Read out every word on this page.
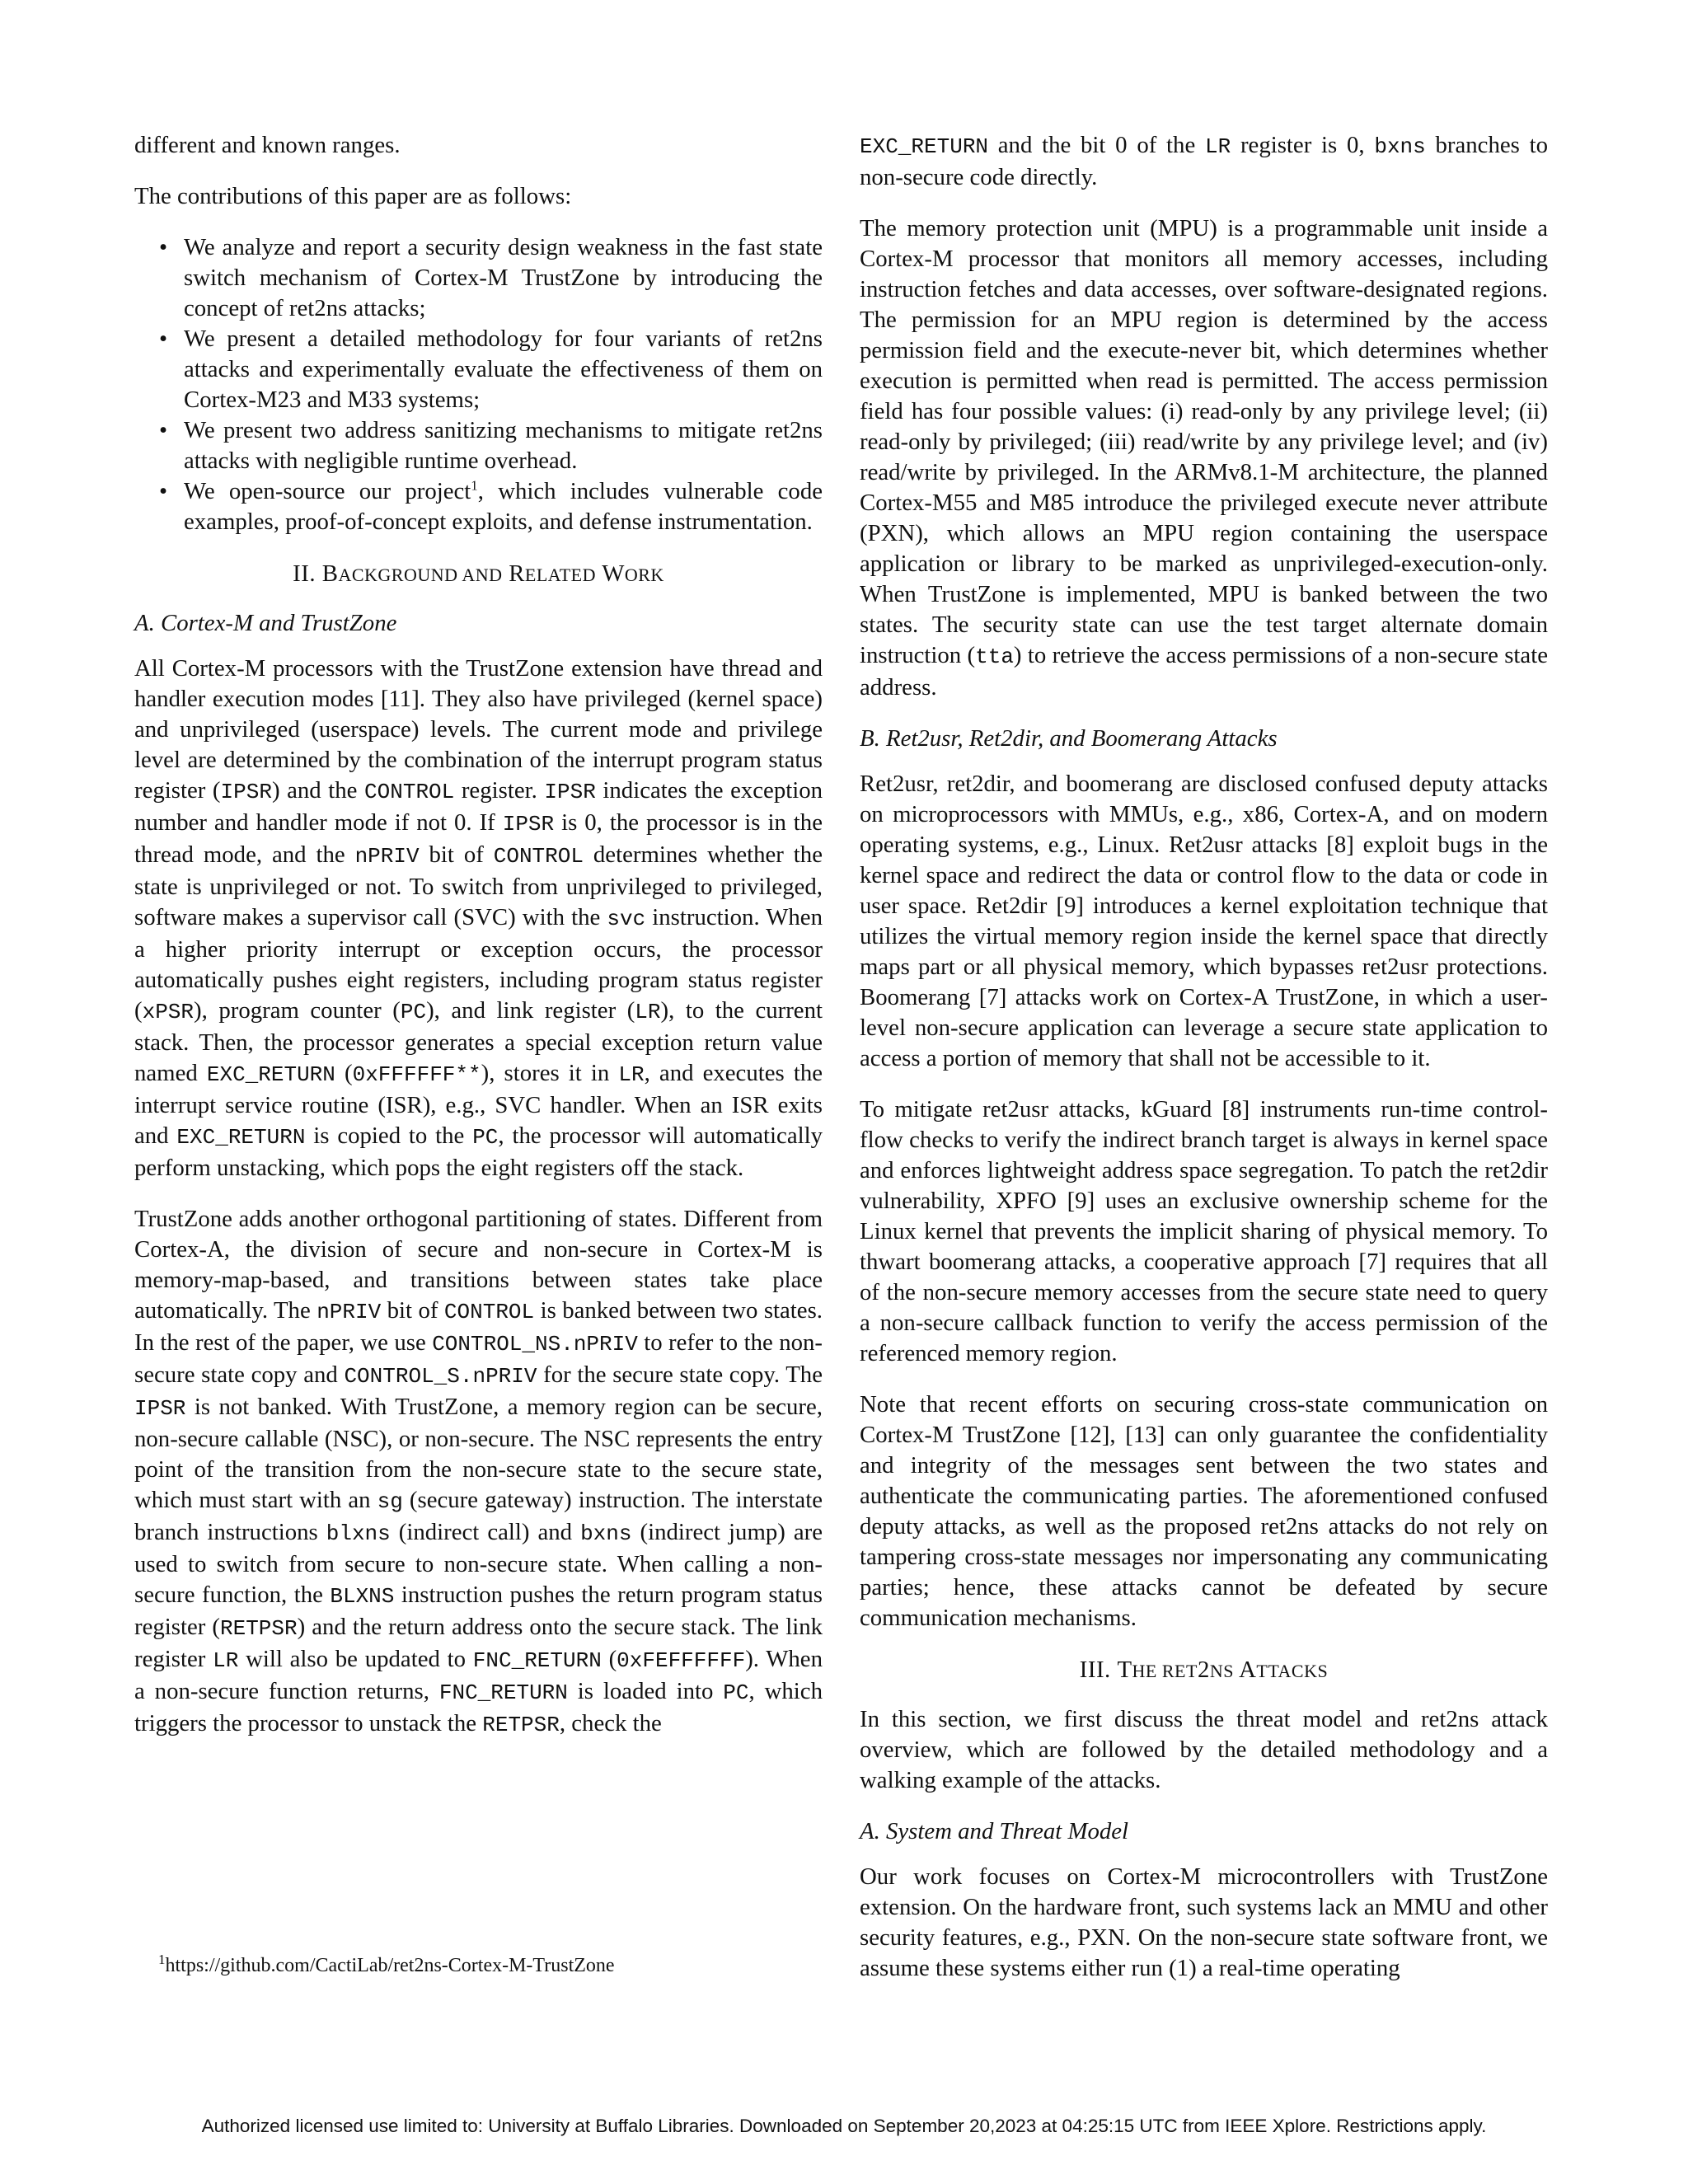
different and known ranges.

The contributions of this paper are as follows:

• We analyze and report a security design weakness in the fast state switch mechanism of Cortex-M TrustZone by introducing the concept of ret2ns attacks;
• We present a detailed methodology for four variants of ret2ns attacks and experimentally evaluate the effectiveness of them on Cortex-M23 and M33 systems;
• We present two address sanitizing mechanisms to mitigate ret2ns attacks with negligible runtime overhead.
• We open-source our project$^1$, which includes vulnerable code examples, proof-of-concept exploits, and defense instrumentation.
II. BACKGROUND AND RELATED WORK
A. Cortex-M and TrustZone

All Cortex-M processors with the TrustZone extension have thread and handler execution modes [11]. They also have privileged (kernel space) and unprivileged (userspace) levels. The current mode and privilege level are determined by the combination of the interrupt program status register (IPSR) and the CONTROL register. IPSR indicates the exception number and handler mode if not 0. If IPSR is 0, the processor is in the thread mode, and the nPRIV bit of CONTROL determines whether the state is unprivileged or not. To switch from unprivileged to privileged, software makes a supervisor call (SVC) with the svc instruction. When a higher priority interrupt or exception occurs, the processor automatically pushes eight registers, including program status register (xPSR), program counter (PC), and link register (LR), to the current stack. Then, the processor generates a special exception return value named EXC_RETURN (0xFFFFFF**), stores it in LR, and executes the interrupt service routine (ISR), e.g., SVC handler. When an ISR exits and EXC_RETURN is copied to the PC, the processor will automatically perform unstacking, which pops the eight registers off the stack.

TrustZone adds another orthogonal partitioning of states. Different from Cortex-A, the division of secure and non-secure in Cortex-M is memory-map-based, and transitions between states take place automatically. The nPRIV bit of CONTROL is banked between two states. In the rest of the paper, we use CONTROL_NS.nPRIV to refer to the non-secure state copy and CONTROL_S.nPRIV for the secure state copy. The IPSR is not banked. With TrustZone, a memory region can be secure, non-secure callable (NSC), or non-secure. The NSC represents the entry point of the transition from the non-secure state to the secure state, which must start with an sg (secure gateway) instruction. The interstate branch instructions blxns (indirect call) and bxns (indirect jump) are used to switch from secure to non-secure state. When calling a non-secure function, the BLXNS instruction pushes the return program status register (RETPSR) and the return address onto the secure stack. The link register LR will also be updated to FNC_RETURN (0xFEFFFFFF). When a non-secure function returns, FNC_RETURN is loaded into PC, which triggers the processor to unstack the RETPSR, check the

$^1$https://github.com/CactiLab/ret2ns-Cortex-M-TrustZone

EXC_RETURN and the bit 0 of the LR register is 0, bxns branches to non-secure code directly.

The memory protection unit (MPU) is a programmable unit inside a Cortex-M processor that monitors all memory accesses, including instruction fetches and data accesses, over software-designated regions. The permission for an MPU region is determined by the access permission field and the execute-never bit, which determines whether execution is permitted when read is permitted. The access permission field has four possible values: (i) read-only by any privilege level; (ii) read-only by privileged; (iii) read/write by any privilege level; and (iv) read/write by privileged. In the ARMv8.1-M architecture, the planned Cortex-M55 and M85 introduce the privileged execute never attribute (PXN), which allows an MPU region containing the userspace application or library to be marked as unprivileged-execution-only. When TrustZone is implemented, MPU is banked between the two states. The security state can use the test target alternate domain instruction (tta) to retrieve the access permissions of a non-secure state address.

B. Ret2usr, Ret2dir, and Boomerang Attacks

Ret2usr, ret2dir, and boomerang are disclosed confused deputy attacks on microprocessors with MMUs, e.g., x86, Cortex-A, and on modern operating systems, e.g., Linux. Ret2usr attacks [8] exploit bugs in the kernel space and redirect the data or control flow to the data or code in user space. Ret2dir [9] introduces a kernel exploitation technique that utilizes the virtual memory region inside the kernel space that directly maps part or all physical memory, which bypasses ret2usr protections. Boomerang [7] attacks work on Cortex-A TrustZone, in which a user-level non-secure application can leverage a secure state application to access a portion of memory that shall not be accessible to it.

To mitigate ret2usr attacks, kGuard [8] instruments run-time control-flow checks to verify the indirect branch target is always in kernel space and enforces lightweight address space segregation. To patch the ret2dir vulnerability, XPFO [9] uses an exclusive ownership scheme for the Linux kernel that prevents the implicit sharing of physical memory. To thwart boomerang attacks, a cooperative approach [7] requires that all of the non-secure memory accesses from the secure state need to query a non-secure callback function to verify the access permission of the referenced memory region.

Note that recent efforts on securing cross-state communication on Cortex-M TrustZone [12], [13] can only guarantee the confidentiality and integrity of the messages sent between the two states and authenticate the communicating parties. The aforementioned confused deputy attacks, as well as the proposed ret2ns attacks do not rely on tampering cross-state messages nor impersonating any communicating parties; hence, these attacks cannot be defeated by secure communication mechanisms.

III. THE RET2NS ATTACKS

In this section, we first discuss the threat model and ret2ns attack overview, which are followed by the detailed methodology and a walking example of the attacks.

A. System and Threat Model

Our work focuses on Cortex-M microcontrollers with TrustZone extension. On the hardware front, such systems lack an MMU and other security features, e.g., PXN. On the non-secure state software front, we assume these systems either run (1) a real-time operating

Authorized licensed use limited to: University at Buffalo Libraries. Downloaded on September 20,2023 at 04:25:15 UTC from IEEE Xplore. Restrictions apply.
